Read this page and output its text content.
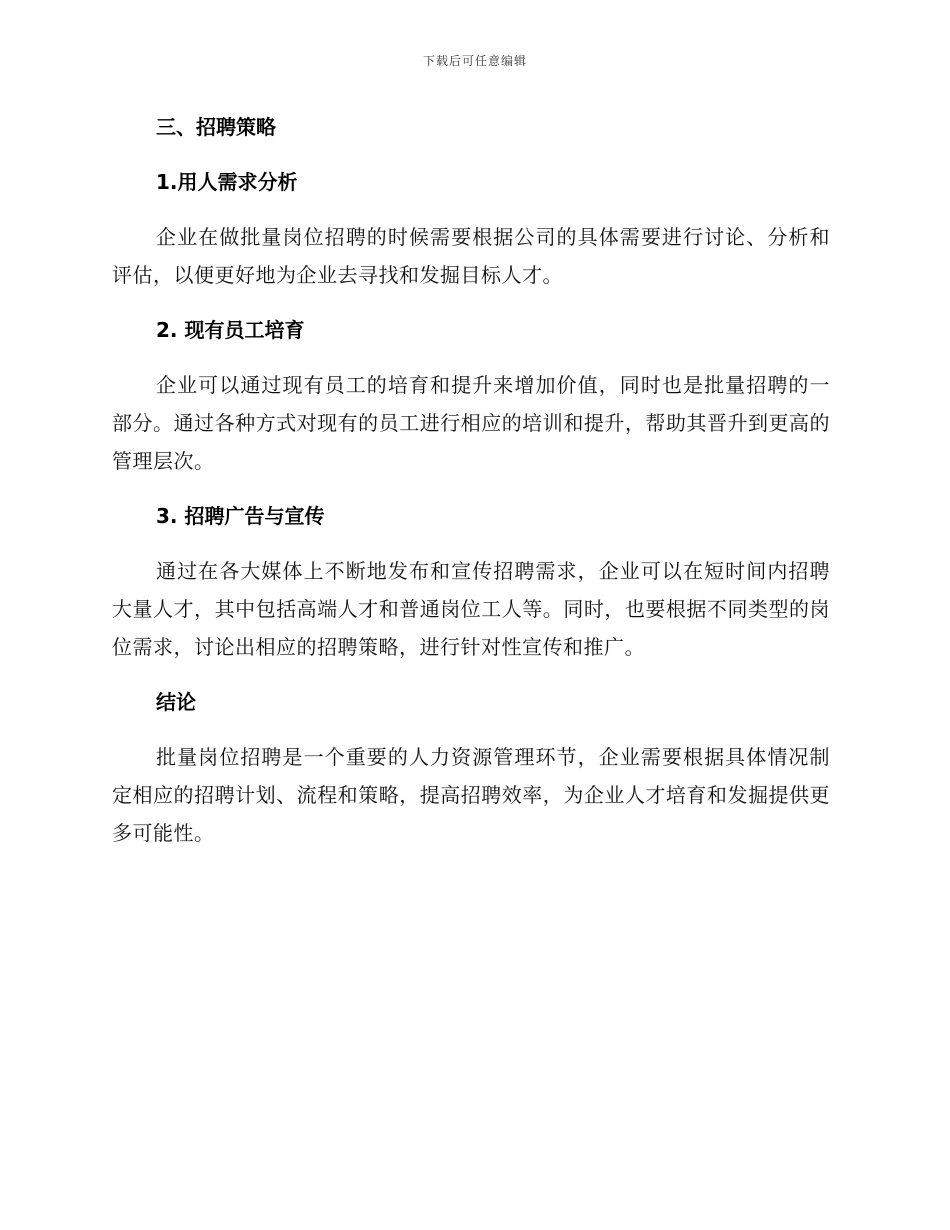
下载后可任意编辑
三、招聘策略
1.用人需求分析

企业在做批量岗位招聘的时候需要根据公司的具体需要进行讨论、分析和评估，以便更好地为企业去寻找和发掘目标人才。

2. 现有员工培育

企业可以通过现有员工的培育和提升来增加价值，同时也是批量招聘的一部分。通过各种方式对现有的员工进行相应的培训和提升，帮助其晋升到更高的管理层次。

3. 招聘广告与宣传

通过在各大媒体上不断地发布和宣传招聘需求，企业可以在短时间内招聘大量人才，其中包括高端人才和普通岗位工人等。同时，也要根据不同类型的岗位需求，讨论出相应的招聘策略，进行针对性宣传和推广。

结论

批量岗位招聘是一个重要的人力资源管理环节，企业需要根据具体情况制定相应的招聘计划、流程和策略，提高招聘效率，为企业人才培育和发掘提供更多可能性。
